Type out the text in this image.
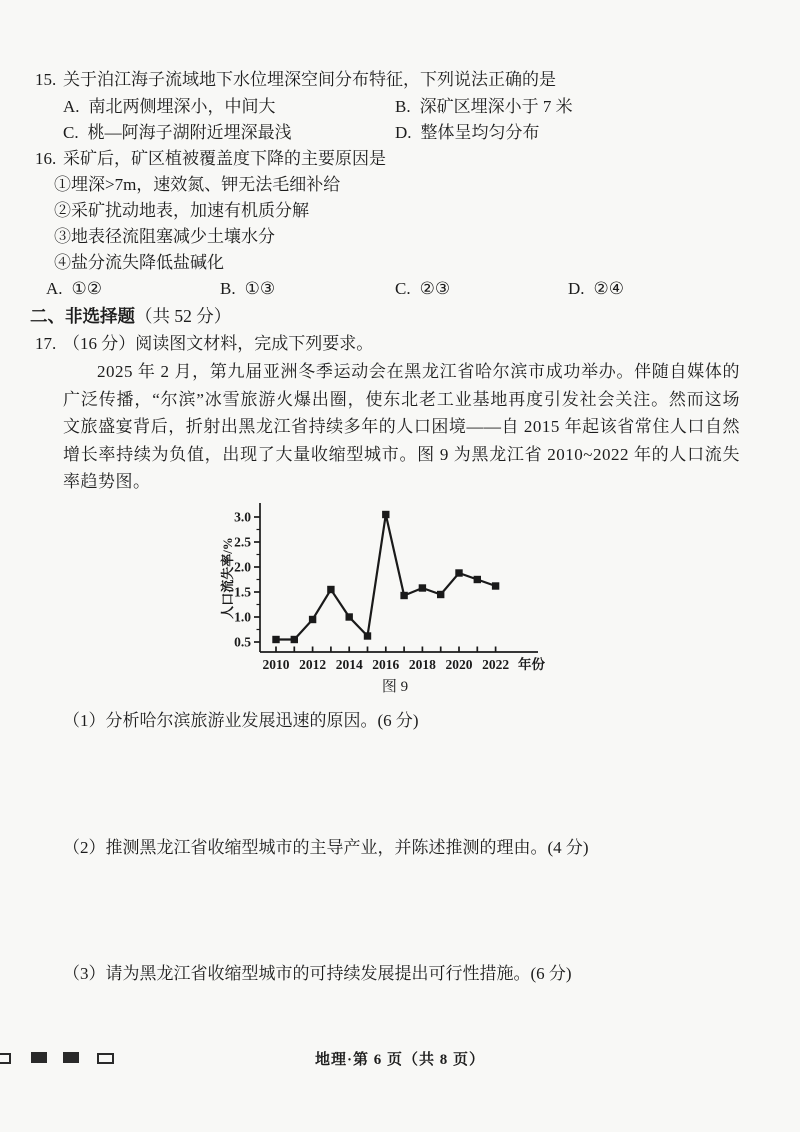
15. 关于泊江海子流域地下水位埋深空间分布特征，下列说法正确的是
A. 南北两侧埋深小，中间大	B. 深矿区埋深小于 7 米
C. 桃—阿海子湖附近埋深最浅	D. 整体呈均匀分布
16. 采矿后，矿区植被覆盖度下降的主要原因是
①埋深>7m，速效氮、钾无法毛细补给
②采矿扰动地表，加速有机质分解
③地表径流阻塞减少土壤水分
④盐分流失降低盐碱化
A. ①②	B. ①③	C. ②③	D. ②④
二、非选择题（共 52 分）
17. （16 分）阅读图文材料，完成下列要求。

2025 年 2 月，第九届亚洲冬季运动会在黑龙江省哈尔滨市成功举办。伴随自媒体的广泛传播，“尔滨”冰雪旅游火爆出圈，使东北老工业基地再度引发社会关注。然而这场文旅盛宴背后，折射出黑龙江省持续多年的人口困境——自 2015 年起该省常住人口自然增长率持续为负值，出现了大量收缩型城市。图 9 为黑龙江省 2010~2022 年的人口流失率趋势图。

0.5
1.0
1.5
2.0
2.5
3.0
2010 2012 2014 2016 2018 2020 2022 年份
人口流失率/%
图 9
（1）分析哈尔滨旅游业发展迅速的原因。(6 分)
（2）推测黑龙江省收缩型城市的主导产业，并陈述推测的理由。(4 分)
（3）请为黑龙江省收缩型城市的可持续发展提出可行性措施。(6 分)
地理·第 6 页（共 8 页）
